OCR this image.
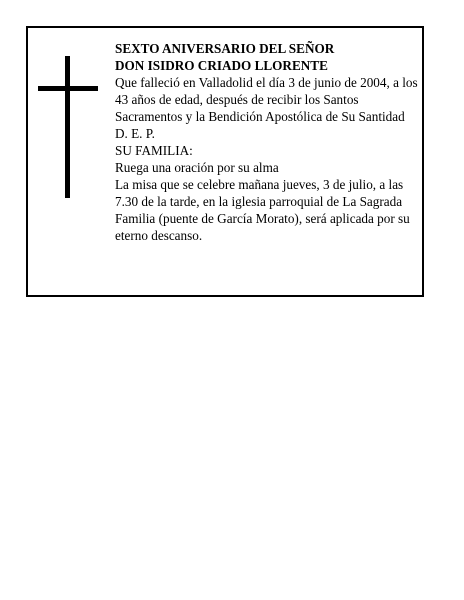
SEXTO ANIVERSARIO DEL SEÑOR

DON ISIDRO CRIADO LLORENTE

Que falleció en Valladolid el día 3 de junio de 2004, a los 43 años de edad, después de recibir los Santos Sacramentos y la Bendición Apostólica de Su Santidad

D. E. P.

SU FAMILIA:

Ruega una oración por su alma

La misa que se celebre mañana jueves, 3 de julio, a las 7.30 de la tarde, en la iglesia parroquial de La Sagrada Familia (puente de García Morato), será aplicada por su eterno descanso.
